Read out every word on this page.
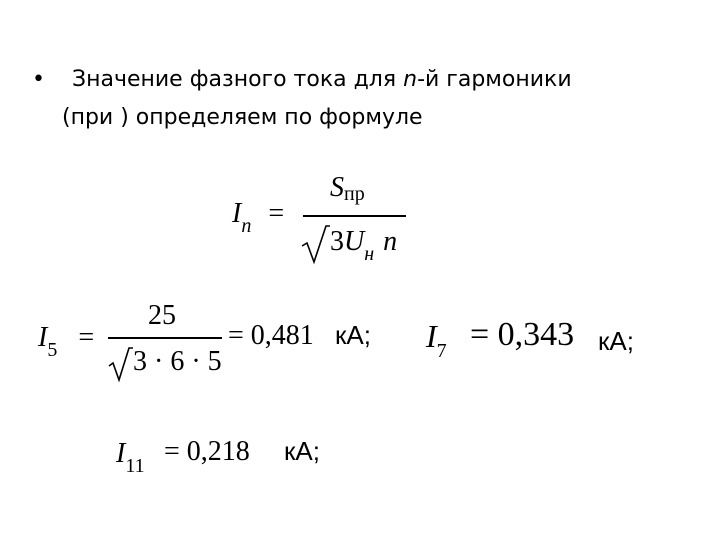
• Значение фазного тока для n-й гармоники
(при ) определяем по формуле
$I_n$ =
Sпр
$3U_н$ n
$I_5$ =
25
3 · 6 · 5
= 0,481 кА; $I_7 = 0,343$ кА;
$I_{11} = 0,218$ кА;
